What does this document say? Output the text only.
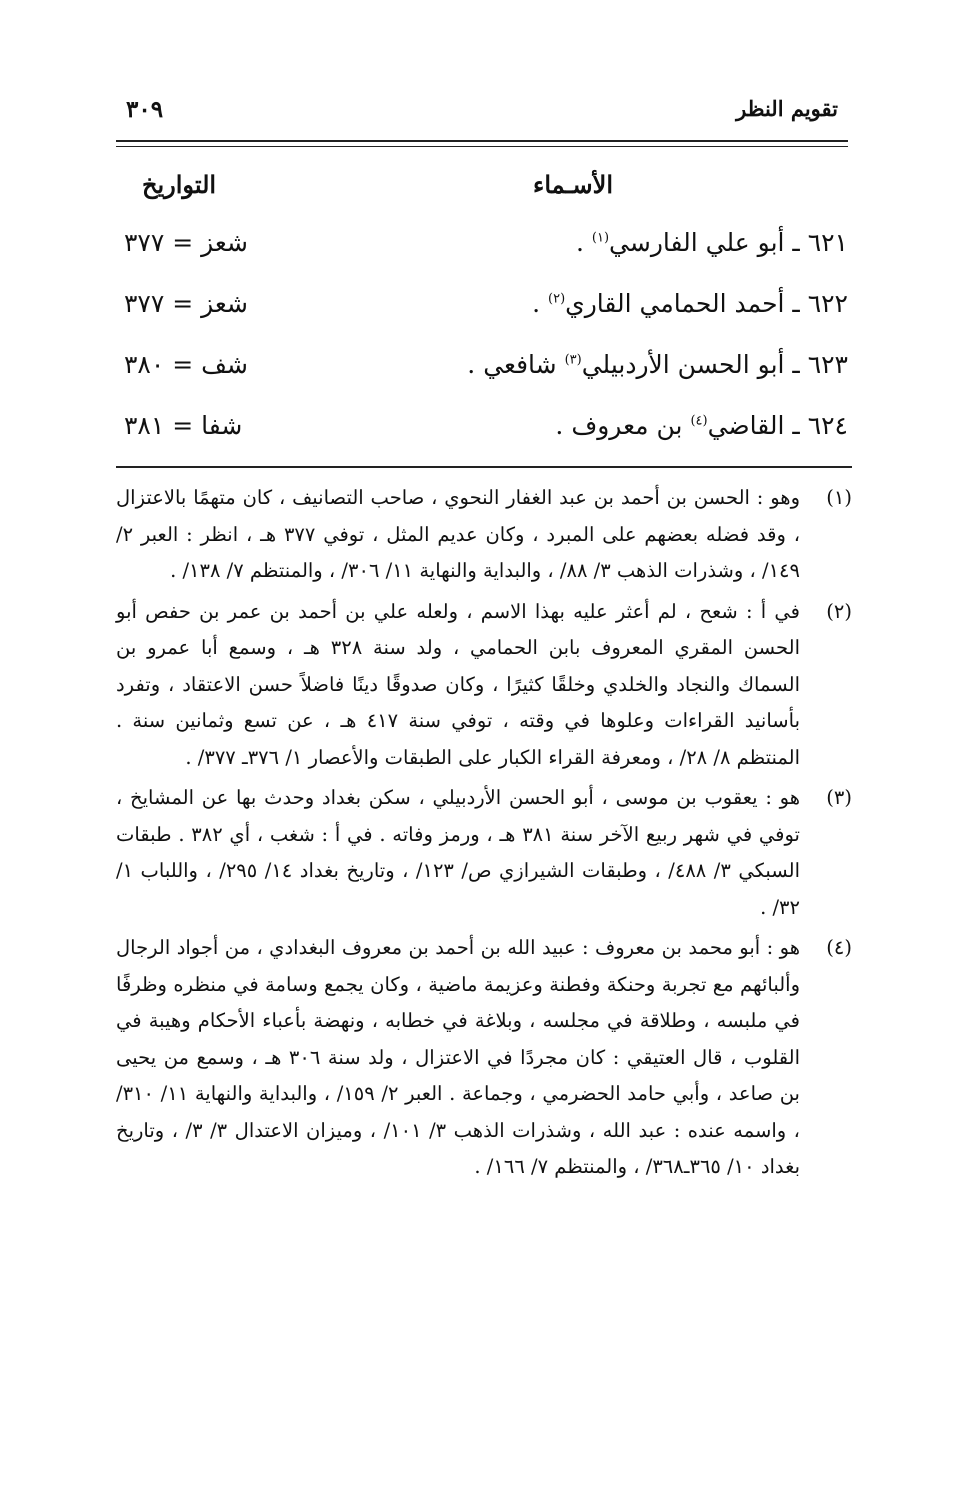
تقويم النظر
٣٠٩
الأسـماء
التواريخ
٦٢١ ـ أبو علي الفارسي$^{(١)}$ .
شعز = ٣٧٧
٦٢٢ ـ أحمد الحمامي القاري$^{(٢)}$ .
شعز = ٣٧٧
٦٢٣ ـ أبو الحسن الأردبيلي$^{(٣)}$ شافعي .
شف = ٣٨٠
٦٢٤ ـ القاضي$^{(٤)}$ بن معروف .
شفا = ٣٨١
(١)
وهو : الحسن بن أحمد بن عبد الغفار النحوي ، صاحب التصانيف ، كان متهمًا بالاعتزال ، وقد فضله بعضهم على المبرد ، وكان عديم المثل ، توفي ٣٧٧ هـ ، انظر : العبر ٢/ ١٤٩/ ، وشذرات الذهب ٣/ ٨٨/ ، والبداية والنهاية ١١/ ٣٠٦/ ، والمنتظم ٧/ ١٣٨/ .
(٢)
في أ : شعح ، لم أعثر عليه بهذا الاسم ، ولعله علي بن أحمد بن عمر بن حفص أبو الحسن المقري المعروف بابن الحمامي ، ولد سنة ٣٢٨ هـ ، وسمع أبا عمرو بن السماك والنجاد والخلدي وخلقًا كثيرًا ، وكان صدوقًا دينًا فاضلاً حسن الاعتقاد ، وتفرد بأسانيد القراءات وعلوها في وقته ، توفي سنة ٤١٧ هـ ، عن تسع وثمانين سنة . المنتظم ٨/ ٢٨/ ، ومعرفة القراء الكبار على الطبقات والأعصار ١/ ٣٧٦ـ ٣٧٧/ .
(٣)
هو : يعقوب بن موسى ، أبو الحسن الأردبيلي ، سكن بغداد وحدث بها عن المشايخ ، توفي في شهر ربيع الآخر سنة ٣٨١ هـ ، ورمز وفاته . في أ : شغب ، أي ٣٨٢ . طبقات السبكي ٣/ ٤٨٨/ ، وطبقات الشيرازي ص/ ١٢٣/ ، وتاريخ بغداد ١٤/ ٢٩٥/ ، واللباب ١/ ٣٢/ .
(٤)
هو : أبو محمد بن معروف : عبيد الله بن أحمد بن معروف البغدادي ، من أجواد الرجال وألبائهم مع تجربة وحنكة وفطنة وعزيمة ماضية ، وكان يجمع وسامة في منظره وظرفًا في ملبسه ، وطلاقة في مجلسه ، وبلاغة في خطابه ، ونهضة بأعباء الأحكام وهيبة في القلوب ، قال العتيقي : كان مجردًا في الاعتزال ، ولد سنة ٣٠٦ هـ ، وسمع من يحيى بن صاعد ، وأبي حامد الحضرمي ، وجماعة . العبر ٢/ ١٥٩/ ، والبداية والنهاية ١١/ ٣١٠/ ، واسمه عنده : عبد الله ، وشذرات الذهب ٣/ ١٠١/ ، وميزان الاعتدال ٣/ ٣/ ، وتاريخ بغداد ١٠/ ٣٦٥ـ٣٦٨/ ، والمنتظم ٧/ ١٦٦/ .
